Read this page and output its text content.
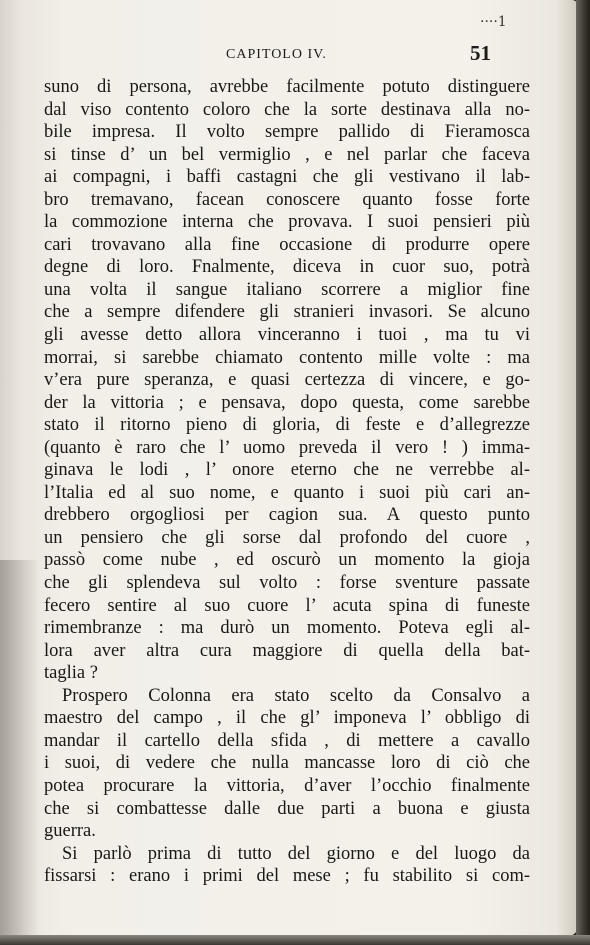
····1
CAPITOLO IV.	51
suno di persona, avrebbe facilmente potuto distinguere
dal viso contento coloro che la sorte destinava alla no-
bile impresa. Il volto sempre pallido di Fieramosca
si tinse d’ un bel vermiglio , e nel parlar che faceva
ai compagni, i baffi castagni che gli vestivano il lab-
bro tremavano, facean conoscere quanto fosse forte
la commozione interna che provava. I suoi pensieri più
cari trovavano alla fine occasione di produrre opere
degne di loro. Fnalmente, diceva in cuor suo, potrà
una volta il sangue italiano scorrere a miglior fine
che a sempre difendere gli stranieri invasori. Se alcuno
gli avesse detto allora vinceranno i tuoi , ma tu vi
morrai, si sarebbe chiamato contento mille volte : ma
v’era pure speranza, e quasi certezza di vincere, e go-
der la vittoria ; e pensava, dopo questa, come sarebbe
stato il ritorno pieno di gloria, di feste e d’allegrezze
(quanto è raro che l’ uomo preveda il vero ! ) imma-
ginava le lodi , l’ onore eterno che ne verrebbe al-
l’Italia ed al suo nome, e quanto i suoi più cari an-
drebbero orgogliosi per cagion sua. A questo punto
un pensiero che gli sorse dal profondo del cuore ,
passò come nube , ed oscurò un momento la gioja
che gli splendeva sul volto : forse sventure passate
fecero sentire al suo cuore l’ acuta spina di funeste
rimembranze : ma durò un momento. Poteva egli al-
lora aver altra cura maggiore di quella della bat-
taglia ?
Prospero Colonna era stato scelto da Consalvo a
maestro del campo , il che gl’ imponeva l’ obbligo di
mandar il cartello della sfida , di mettere a cavallo
i suoi, di vedere che nulla mancasse loro di ciò che
potea procurare la vittoria, d’aver l’occhio finalmente
che si combattesse dalle due parti a buona e giusta
guerra.
Si parlò prima di tutto del giorno e del luogo da
fissarsi : erano i primi del mese ; fu stabilito si com-
